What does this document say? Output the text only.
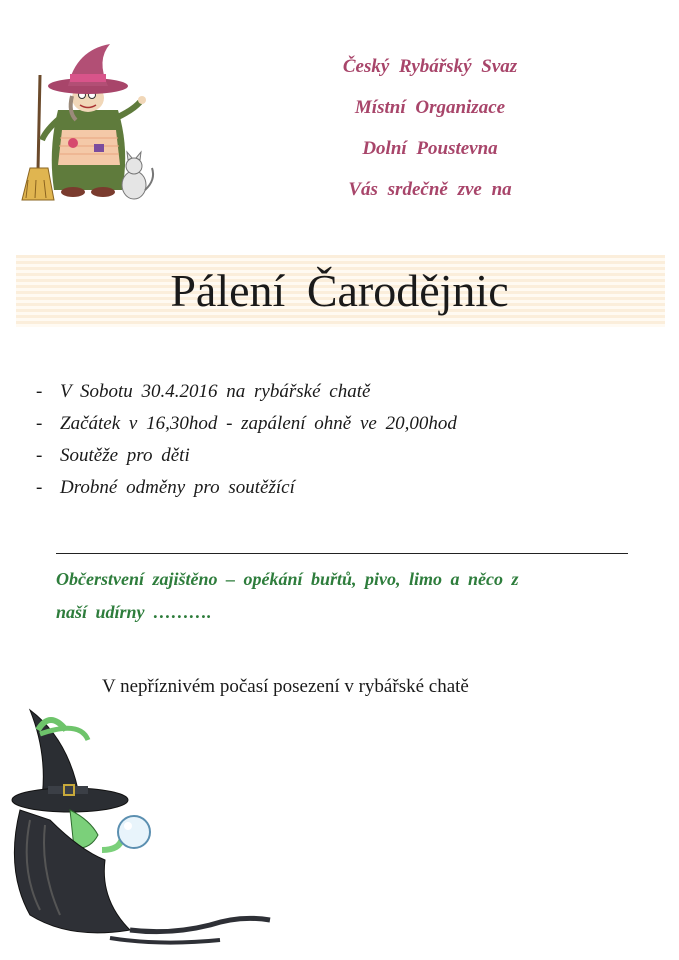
Český Rybářský Svaz
Místní Organizace
Dolní Poustevna
Vás srdečně zve na
Pálení Čarodějnic
- V Sobotu 30.4.2016 na rybářské chatě
- Začátek v 16,30hod - zapálení ohně ve 20,00hod
- Soutěže pro děti
- Drobné odměny pro soutěžící
Občerstvení zajištěno – opékání buřtů, pivo, limo a něco z
naší udírny ……….
V nepříznivém počasí posezení v rybářské chatě
